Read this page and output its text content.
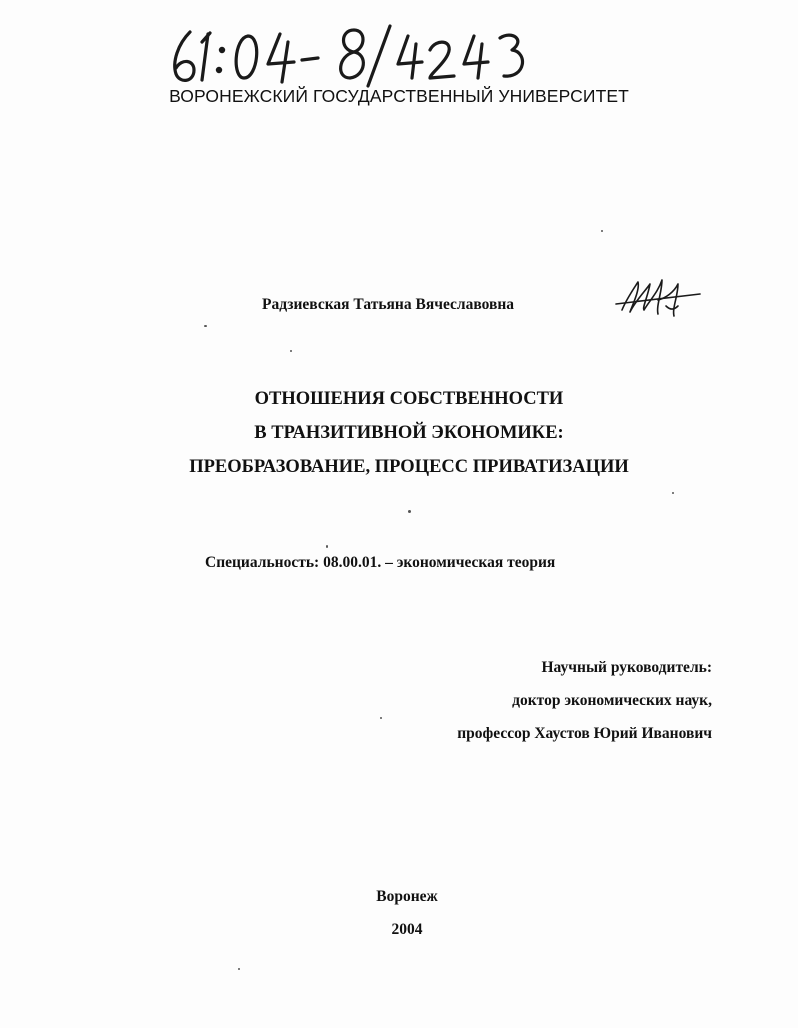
ВОРОНЕЖСКИЙ ГОСУДАРСТВЕННЫЙ УНИВЕРСИТЕТ
Радзиевская Татьяна Вячеславовна
ОТНОШЕНИЯ СОБСТВЕННОСТИ
В ТРАНЗИТИВНОЙ ЭКОНОМИКЕ:
ПРЕОБРАЗОВАНИЕ, ПРОЦЕСС ПРИВАТИЗАЦИИ
Специальность: 08.00.01. – экономическая теория
Научный руководитель:
доктор экономических наук,
профессор Хаустов Юрий Иванович
Воронеж
2004
